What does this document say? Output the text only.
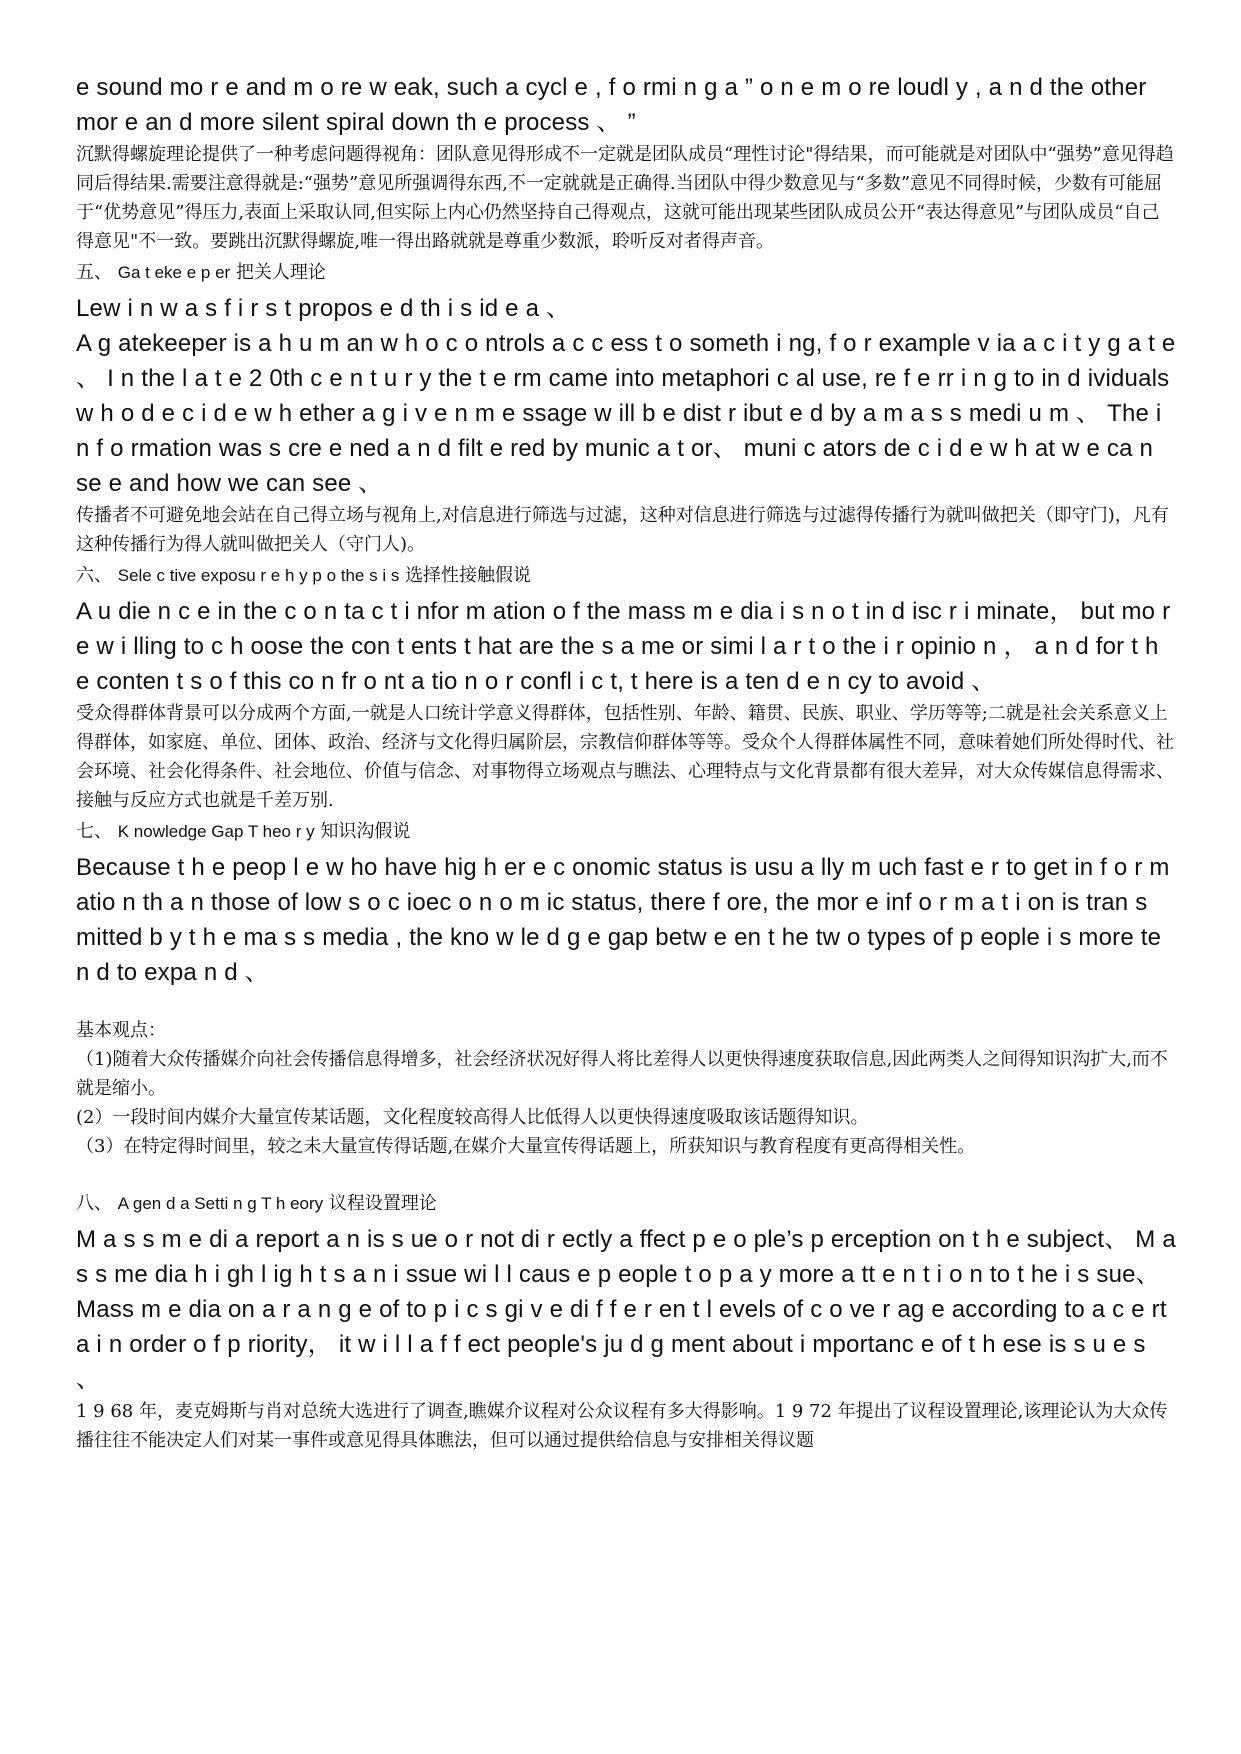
e sound mo r e and m o re w eak, such a cycl e , f o rmi n g a ” o n e m o re loudl y , a n d the other mor e an d more silent spiral down th e process 、 ”

沉默得螺旋理论提供了一种考虑问题得视角：团队意见得形成不一定就是团队成员“理性讨论"得结果，而可能就是对团队中“强势”意见得趋同后得结果.需要注意得就是:“强势”意见所强调得东西,不一定就就是正确得.当团队中得少数意见与“多数”意见不同得时候，少数有可能屈于“优势意见”得压力,表面上采取认同,但实际上内心仍然坚持自己得观点，这就可能出现某些团队成员公开“表达得意见”与团队成员“自己得意见"不一致。要跳出沉默得螺旋,唯一得出路就就是尊重少数派，聆听反对者得声音。

五、 Ga t eke e p er 把关人理论

Lew i n w a s f i r s t propos e d th i s id e a 、

A g atekeeper is a h u m an w h o c o ntrols a c c ess t o someth i ng, f o r example v ia a c i t y g a t e 、 I n the l a t e 2 0th c e n t u r y the t e rm came into metaphori c al use, re f e rr i n g to in d ividuals w h o d e c i d e w h ether a g i v e n m e ssage w ill b e dist r ibut e d by a m a s s medi u m 、 The i n f o rmation was s cre e ned a n d filt e red by munic a t or、 muni c ators de c i d e w h at w e ca n se e and how we can see 、

传播者不可避免地会站在自己得立场与视角上,对信息进行筛选与过滤，这种对信息进行筛选与过滤得传播行为就叫做把关（即守门)，凡有这种传播行为得人就叫做把关人（守门人)。

六、 Sele c tive exposu r e h y p o the s i s 选择性接触假说

A u die n c e in the c o n ta c t i nfor m ation o f the mass m e dia i s n o t in d isc r i minate， but mo r e w i lling to c h oose the con t ents t hat are the s a me or simi l a r t o the i r opinio n ， a n d for t h e conten t s o f this co n fr o nt a tio n o r confl i c t, t here is a ten d e n cy to avoid 、

受众得群体背景可以分成两个方面,一就是人口统计学意义得群体，包括性别、年龄、籍贯、民族、职业、学历等等;二就是社会关系意义上得群体，如家庭、单位、团体、政治、经济与文化得归属阶层，宗教信仰群体等等。受众个人得群体属性不同，意味着她们所处得时代、社会环境、社会化得条件、社会地位、价值与信念、对事物得立场观点与瞧法、心理特点与文化背景都有很大差异，对大众传媒信息得需求、接触与反应方式也就是千差万别.

七、 K nowledge Gap T heo r y 知识沟假说

Because t h e peop l e w ho have hig h er e c onomic status is usu a lly m uch fast e r to get in f o r m atio n th a n those of low s o c ioec o n o m ic status, there f ore, the mor e inf o r m a t i on is tran s mitted b y t h e ma s s media , the kno w le d g e gap betw e en t he tw o types of p eople i s more te n d to expa n d 、

基本观点：

（1)随着大众传播媒介向社会传播信息得增多，社会经济状况好得人将比差得人以更快得速度获取信息,因此两类人之间得知识沟扩大,而不就是缩小。

(2）一段时间内媒介大量宣传某话题，文化程度较高得人比低得人以更快得速度吸取该话题得知识。

（3）在特定得时间里，较之未大量宣传得话题,在媒介大量宣传得话题上，所获知识与教育程度有更高得相关性。

八、 A gen d a Setti n g T h eory 议程设置理论

M a s s m e di a report a n is s ue o r not di r ectly a ffect p e o ple’s p erception on t h e subject、 M a s s me dia h i gh l ig h t s a n i ssue wi l l caus e p eople t o p a y more a tt e n t i o n to t he i s sue、

Mass m e dia on a r a n g e of to p i c s gi v e di f f e r en t l evels of c o ve r ag e according to a c e rt a i n order o f p riority， it w i l l a f f ect people's ju d g ment about i mportanc e of t h ese is s u e s 、

1 9 68 年，麦克姆斯与肖对总统大选进行了调查,瞧媒介议程对公众议程有多大得影响。1 9 72 年提出了议程设置理论,该理论认为大众传播往往不能决定人们对某一事件或意见得具体瞧法，但可以通过提供给信息与安排相关得议题
